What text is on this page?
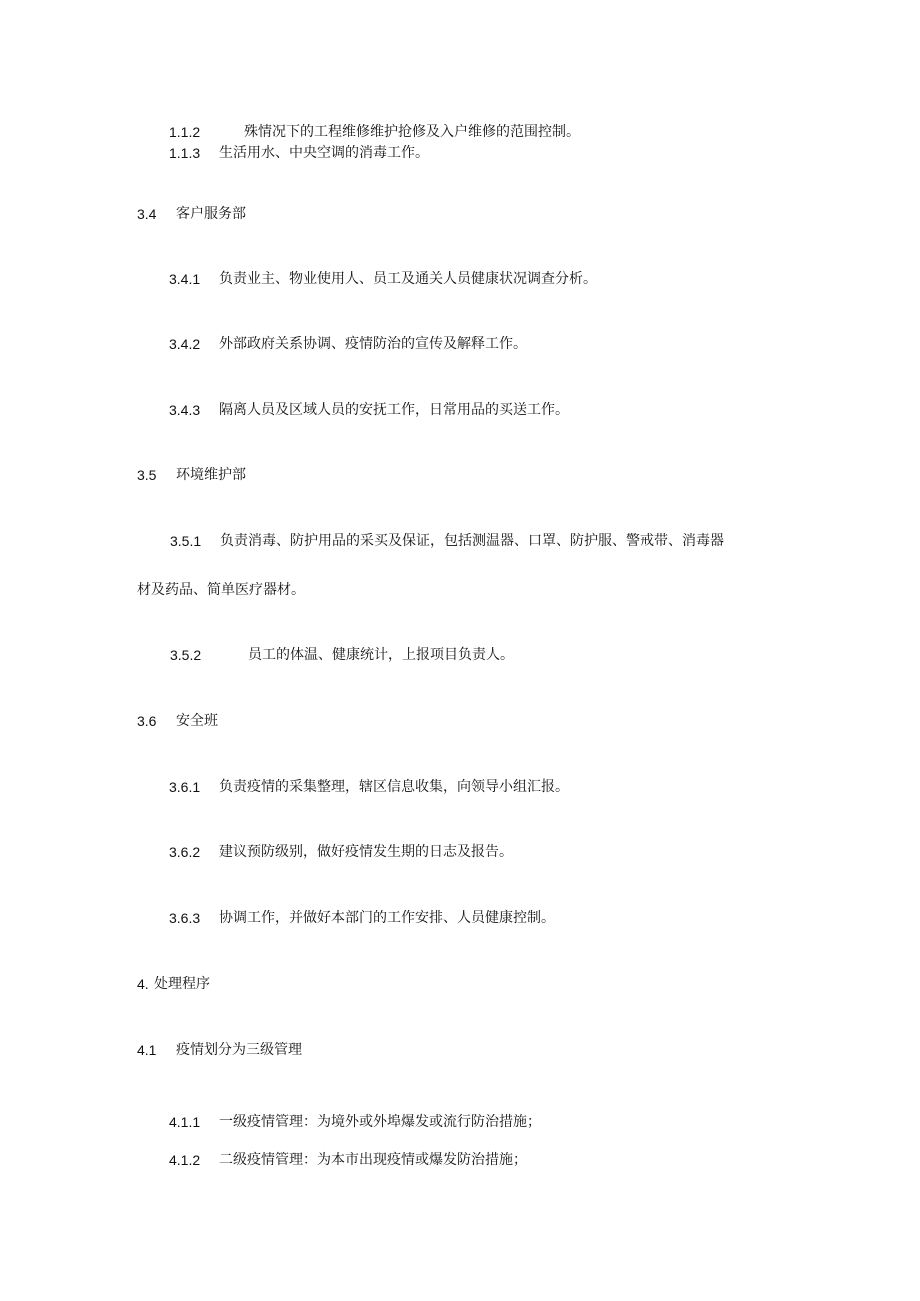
1.1.2	殊情况下的工程维修维护抢修及入户维修的范围控制。
1.1.3 生活用水、中央空调的消毒工作。
3.4 客户服务部
3.4.1 负责业主、物业使用人、员工及通关人员健康状况调查分析。
3.4.2 外部政府关系协调、疫情防治的宣传及解释工作。
3.4.3 隔离人员及区域人员的安抚工作，日常用品的买送工作。
3.5 环境维护部
3.5.1 负责消毒、防护用品的采买及保证，包括测温器、口罩、防护服、警戒带、消毒器
材及药品、简单医疗器材。
3.5.2	员工的体温、健康统计，上报项目负责人。
3.6 安全班
3.6.1 负责疫情的采集整理，辖区信息收集，向领导小组汇报。
3.6.2 建议预防级别，做好疫情发生期的日志及报告。
3.6.3 协调工作，并做好本部门的工作安排、人员健康控制。
4. 处理程序
4.1 疫情划分为三级管理
4.1.1 一级疫情管理：为境外或外埠爆发或流行防治措施；
4.1.2 二级疫情管理：为本市出现疫情或爆发防治措施；
